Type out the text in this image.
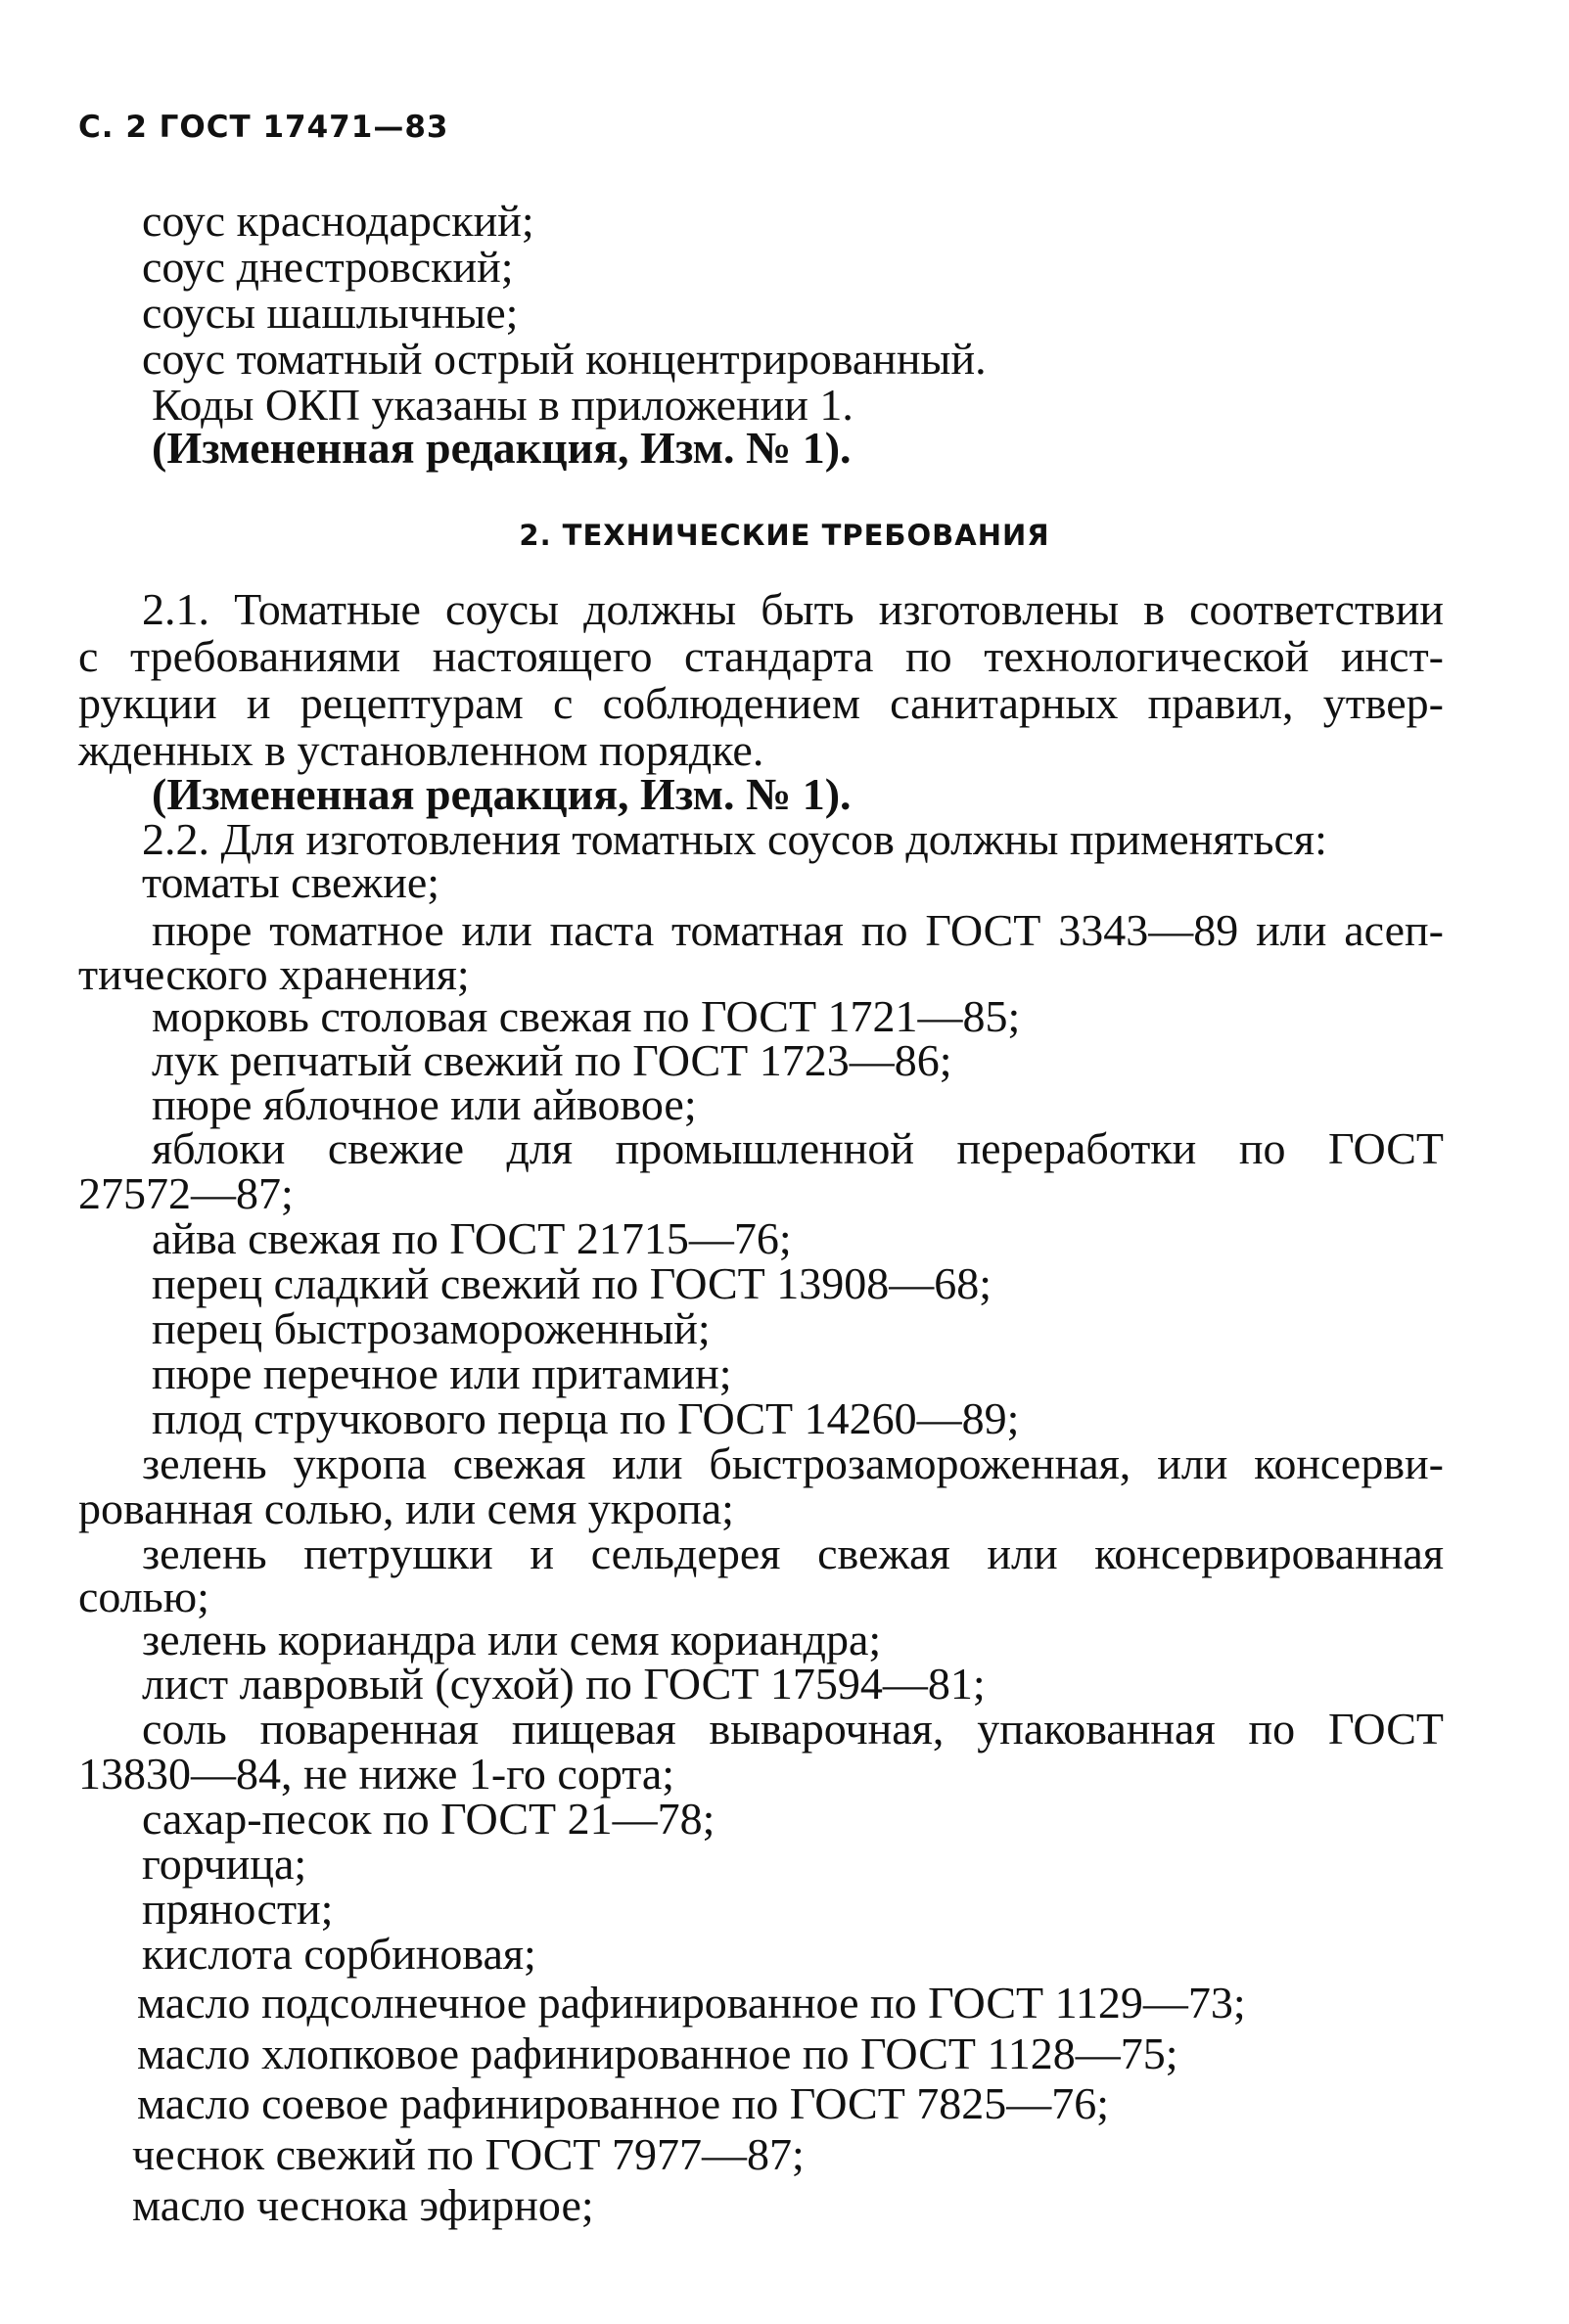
С. 2 ГОСТ 17471—83
соус краснодарский;
соус днестровский;
соусы шашлычные;
соус томатный острый концентрированный.
Коды ОКП указаны в приложении 1.
(Измененная редакция, Изм. № 1).
2. ТЕХНИЧЕСКИЕ ТРЕБОВАНИЯ
2.1. Томатные соусы должны быть изготовлены в соответствии
с требованиями настоящего стандарта по технологической инст-
рукции и рецептурам с соблюдением санитарных правил, утвер-
жденных в установленном порядке.
(Измененная редакция, Изм. № 1).
2.2. Для изготовления томатных соусов должны применяться:
томаты свежие;
пюре томатное или паста томатная по ГОСТ 3343—89 или асеп-
тического хранения;
морковь столовая свежая по ГОСТ 1721—85;
лук репчатый свежий по ГОСТ 1723—86;
пюре яблочное или айвовое;
яблоки свежие для промышленной переработки по ГОСТ
27572—87;
айва свежая по ГОСТ 21715—76;
перец сладкий свежий по ГОСТ 13908—68;
перец быстрозамороженный;
пюре перечное или притамин;
плод стручкового перца по ГОСТ 14260—89;
зелень укропа свежая или быстрозамороженная, или консерви-
рованная солью, или семя укропа;
зелень петрушки и сельдерея свежая или консервированная
солью;
зелень кориандра или семя кориандра;
лист лавровый (сухой) по ГОСТ 17594—81;
соль поваренная пищевая выварочная, упакованная по ГОСТ
13830—84, не ниже 1-го сорта;
сахар-песок по ГОСТ 21—78;
горчица;
пряности;
кислота сорбиновая;
масло подсолнечное рафинированное по ГОСТ 1129—73;
масло хлопковое рафинированное по ГОСТ 1128—75;
масло соевое рафинированное по ГОСТ 7825—76;
чеснок свежий по ГОСТ 7977—87;
масло чеснока эфирное;
